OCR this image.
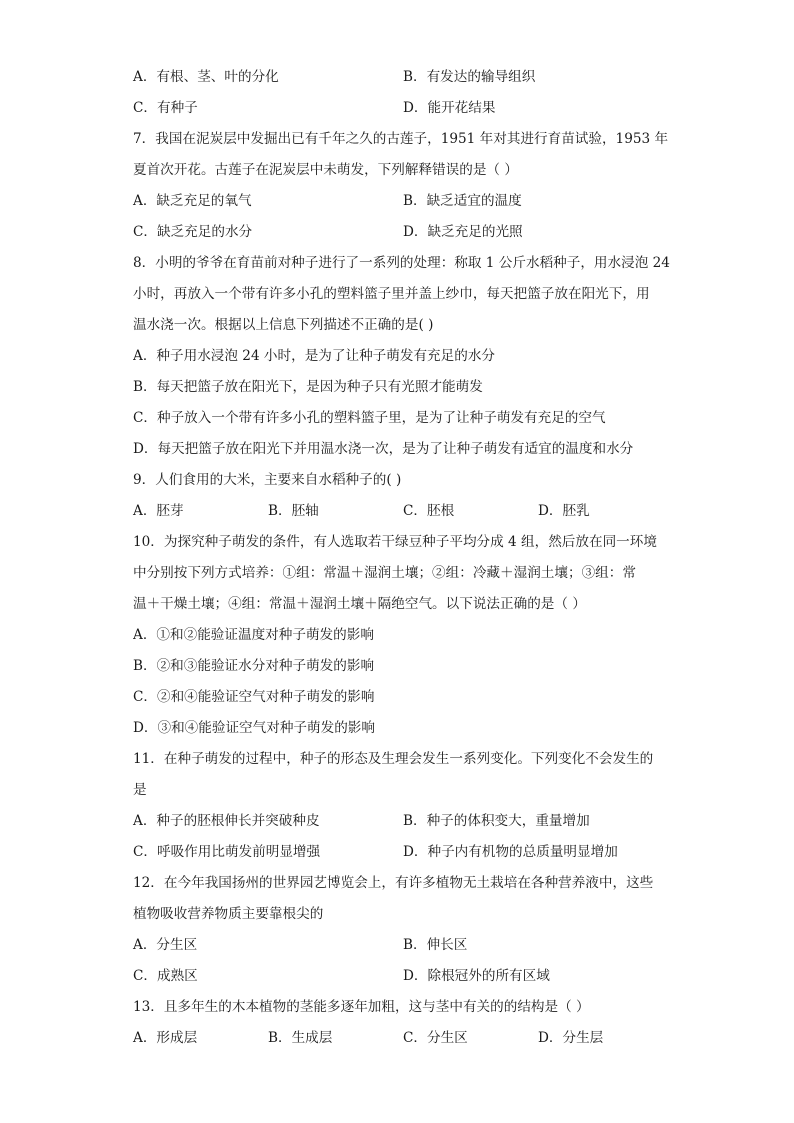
A．有根、茎、叶的分化	B．有发达的输导组织
C．有种子	D．能开花结果
7．我国在泥炭层中发掘出已有千年之久的古莲子，1951 年对其进行育苗试验，1953 年
夏首次开花。古莲子在泥炭层中未萌发，下列解释错误的是（ ）
A．缺乏充足的氧气	B．缺乏适宜的温度
C．缺乏充足的水分	D．缺乏充足的光照
8．小明的爷爷在育苗前对种子进行了一系列的处理：称取 1 公斤水稻种子，用水浸泡 24
小时，再放入一个带有许多小孔的塑料篮子里并盖上纱巾，每天把篮子放在阳光下，用
温水浇一次。根据以上信息下列描述不正确的是( )
A．种子用水浸泡 24 小时，是为了让种子萌发有充足的水分
B．每天把篮子放在阳光下，是因为种子只有光照才能萌发
C．种子放入一个带有许多小孔的塑料篮子里，是为了让种子萌发有充足的空气
D．每天把篮子放在阳光下并用温水浇一次，是为了让种子萌发有适宜的温度和水分
9．人们食用的大米，主要来自水稻种子的( )
A．胚芽	B．胚轴	C．胚根	D．胚乳
10．为探究种子萌发的条件，有人选取若干绿豆种子平均分成 4 组，然后放在同一环境
中分别按下列方式培养：①组：常温＋湿润土壤；②组：冷藏＋湿润土壤；③组：常
温＋干燥土壤；④组：常温＋湿润土壤＋隔绝空气。以下说法正确的是（ ）
A．①和②能验证温度对种子萌发的影响
B．②和③能验证水分对种子萌发的影响
C．②和④能验证空气对种子萌发的影响
D．③和④能验证空气对种子萌发的影响
11．在种子萌发的过程中，种子的形态及生理会发生一系列变化。下列变化不会发生的
是
A．种子的胚根伸长并突破种皮	B．种子的体积变大，重量增加
C．呼吸作用比萌发前明显增强	D．种子内有机物的总质量明显增加
12．在今年我国扬州的世界园艺博览会上，有许多植物无土栽培在各种营养液中，这些
植物吸收营养物质主要靠根尖的
A．分生区	B．伸长区
C．成熟区	D．除根冠外的所有区域
13．且多年生的木本植物的茎能多逐年加粗，这与茎中有关的的结构是（ ）
A．形成层	B．生成层	C．分生区	D．分生层
